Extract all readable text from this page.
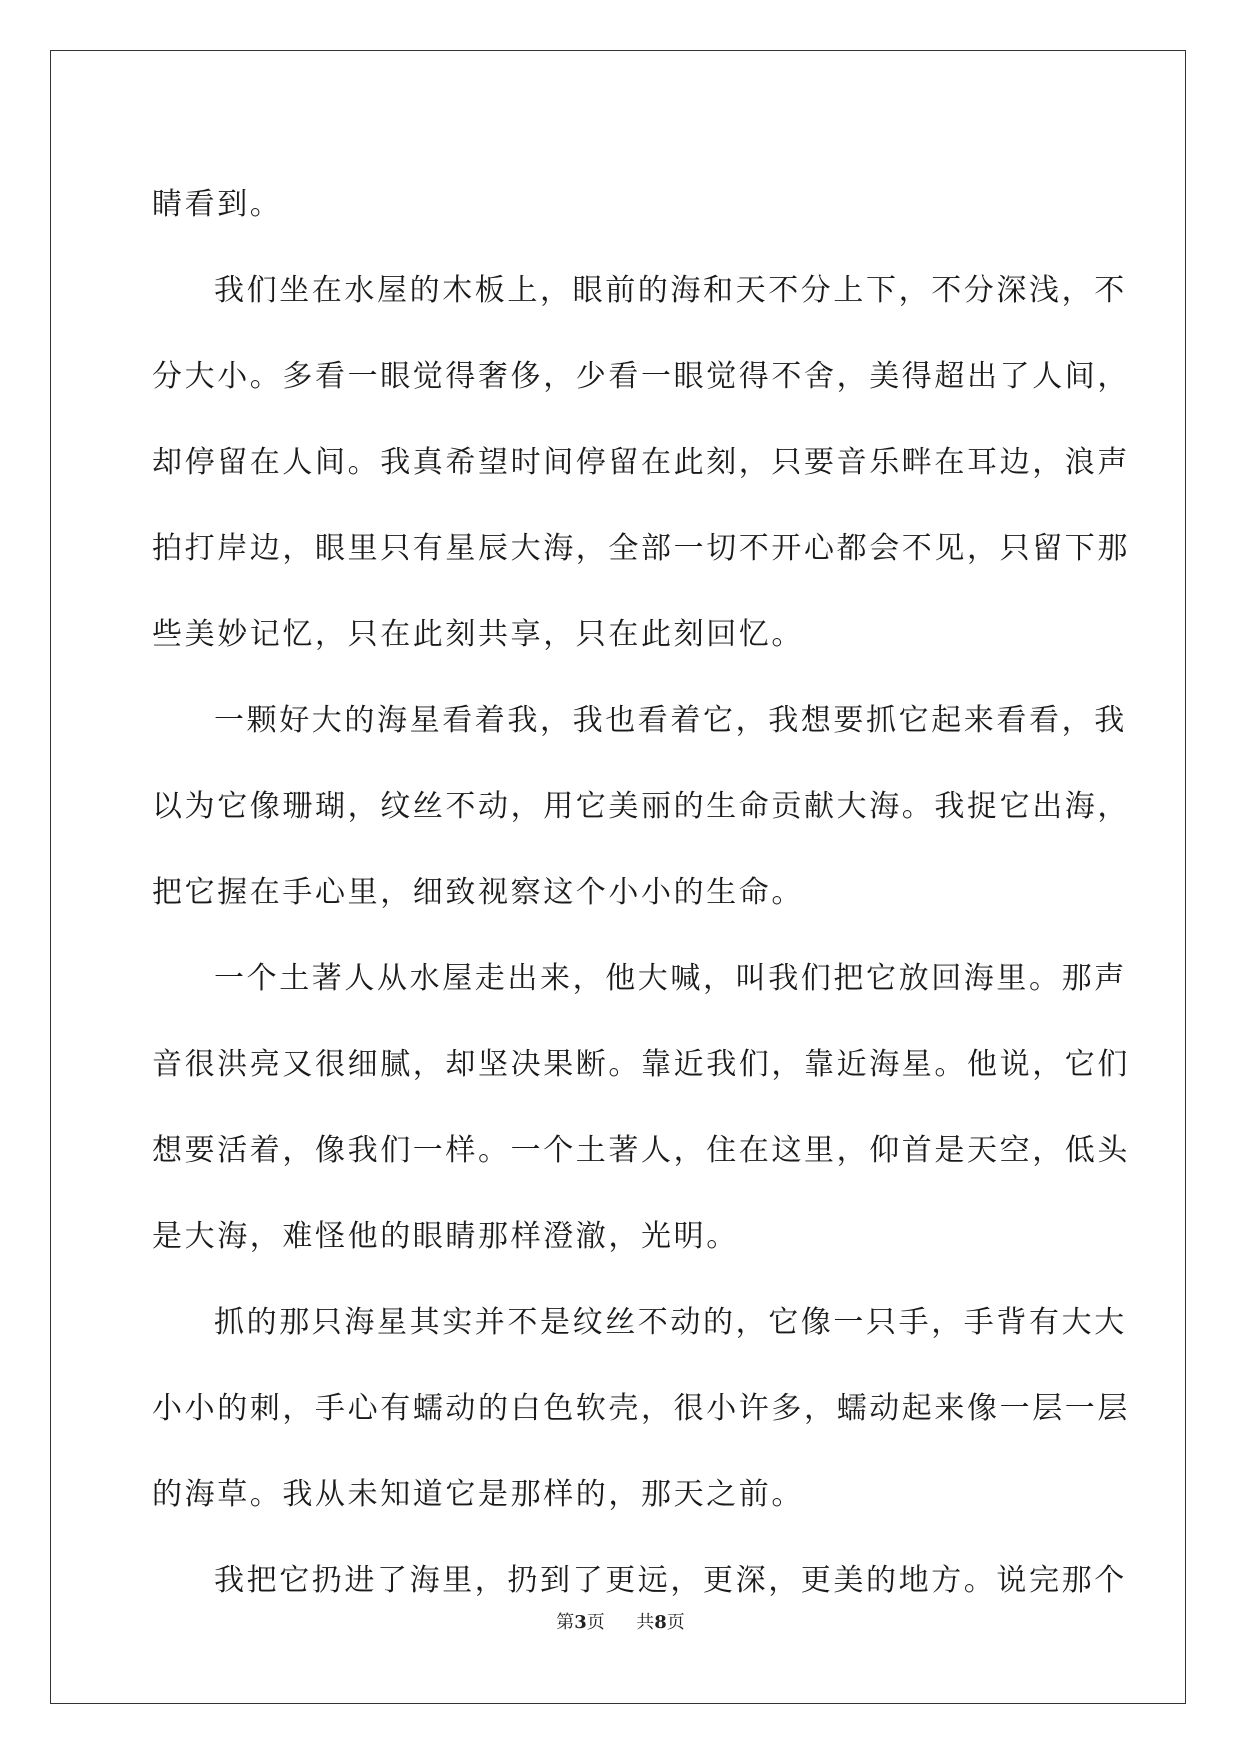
睛看到。

我们坐在水屋的木板上，眼前的海和天不分上下，不分深浅，不

分大小。多看一眼觉得奢侈，少看一眼觉得不舍，美得超出了人间，

却停留在人间。我真希望时间停留在此刻，只要音乐畔在耳边，浪声

拍打岸边，眼里只有星辰大海，全部一切不开心都会不见，只留下那

些美妙记忆，只在此刻共享，只在此刻回忆。

一颗好大的海星看着我，我也看着它，我想要抓它起来看看，我

以为它像珊瑚，纹丝不动，用它美丽的生命贡献大海。我捉它出海，

把它握在手心里，细致视察这个小小的生命。

一个土著人从水屋走出来，他大喊，叫我们把它放回海里。那声

音很洪亮又很细腻，却坚决果断。靠近我们，靠近海星。他说，它们

想要活着，像我们一样。一个土著人，住在这里，仰首是天空，低头

是大海，难怪他的眼睛那样澄澈，光明。

抓的那只海星其实并不是纹丝不动的，它像一只手，手背有大大

小小的刺，手心有蠕动的白色软壳，很小许多，蠕动起来像一层一层

的海草。我从未知道它是那样的，那天之前。

我把它扔进了海里，扔到了更远，更深，更美的地方。说完那个

第3页 共8页
